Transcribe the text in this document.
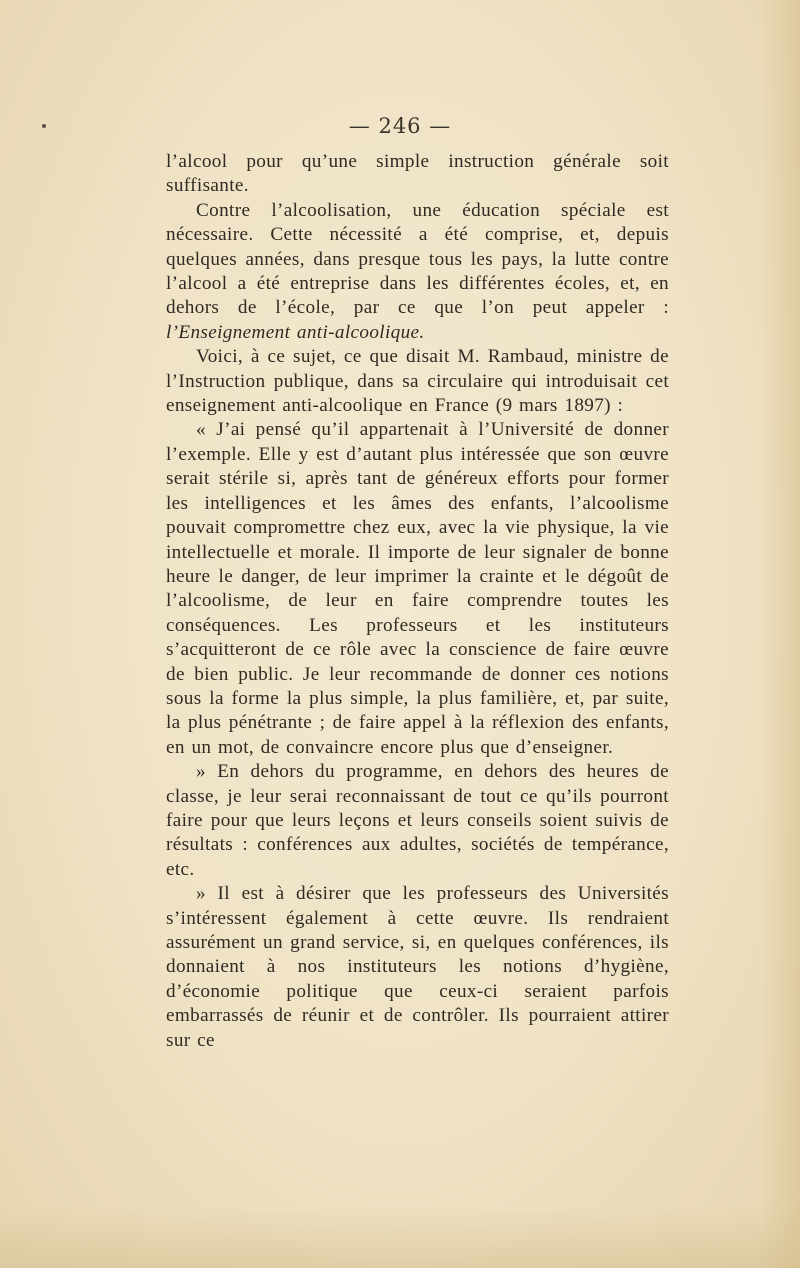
— 246 —

l’alcool pour qu’une simple instruction générale soit suffisante.

Contre l’alcoolisation, une éducation spéciale est nécessaire. Cette nécessité a été comprise, et, depuis quelques années, dans presque tous les pays, la lutte contre l’alcool a été entreprise dans les différentes écoles, et, en dehors de l’école, par ce que l’on peut appeler : l’Enseignement anti-alcoolique.

Voici, à ce sujet, ce que disait M. Rambaud, ministre de l’Instruction publique, dans sa circulaire qui introduisait cet enseignement anti-alcoolique en France (9 mars 1897) :

« J’ai pensé qu’il appartenait à l’Université de donner l’exemple. Elle y est d’autant plus intéressée que son œuvre serait stérile si, après tant de généreux efforts pour former les intelligences et les âmes des enfants, l’alcoolisme pouvait compromettre chez eux, avec la vie physique, la vie intellectuelle et morale. Il importe de leur signaler de bonne heure le danger, de leur imprimer la crainte et le dégoût de l’alcoolisme, de leur en faire comprendre toutes les conséquences. Les professeurs et les instituteurs s’acquitteront de ce rôle avec la conscience de faire œuvre de bien public. Je leur recommande de donner ces notions sous la forme la plus simple, la plus familière, et, par suite, la plus pénétrante ; de faire appel à la réflexion des enfants, en un mot, de convaincre encore plus que d’enseigner.

» En dehors du programme, en dehors des heures de classe, je leur serai reconnaissant de tout ce qu’ils pourront faire pour que leurs leçons et leurs conseils soient suivis de résultats : conférences aux adultes, sociétés de tempérance, etc.

» Il est à désirer que les professeurs des Universités s’intéressent également à cette œuvre. Ils rendraient assurément un grand service, si, en quelques conférences, ils donnaient à nos instituteurs les notions d’hygiène, d’économie politique que ceux-ci seraient parfois embarrassés de réunir et de contrôler. Ils pourraient attirer sur ce
